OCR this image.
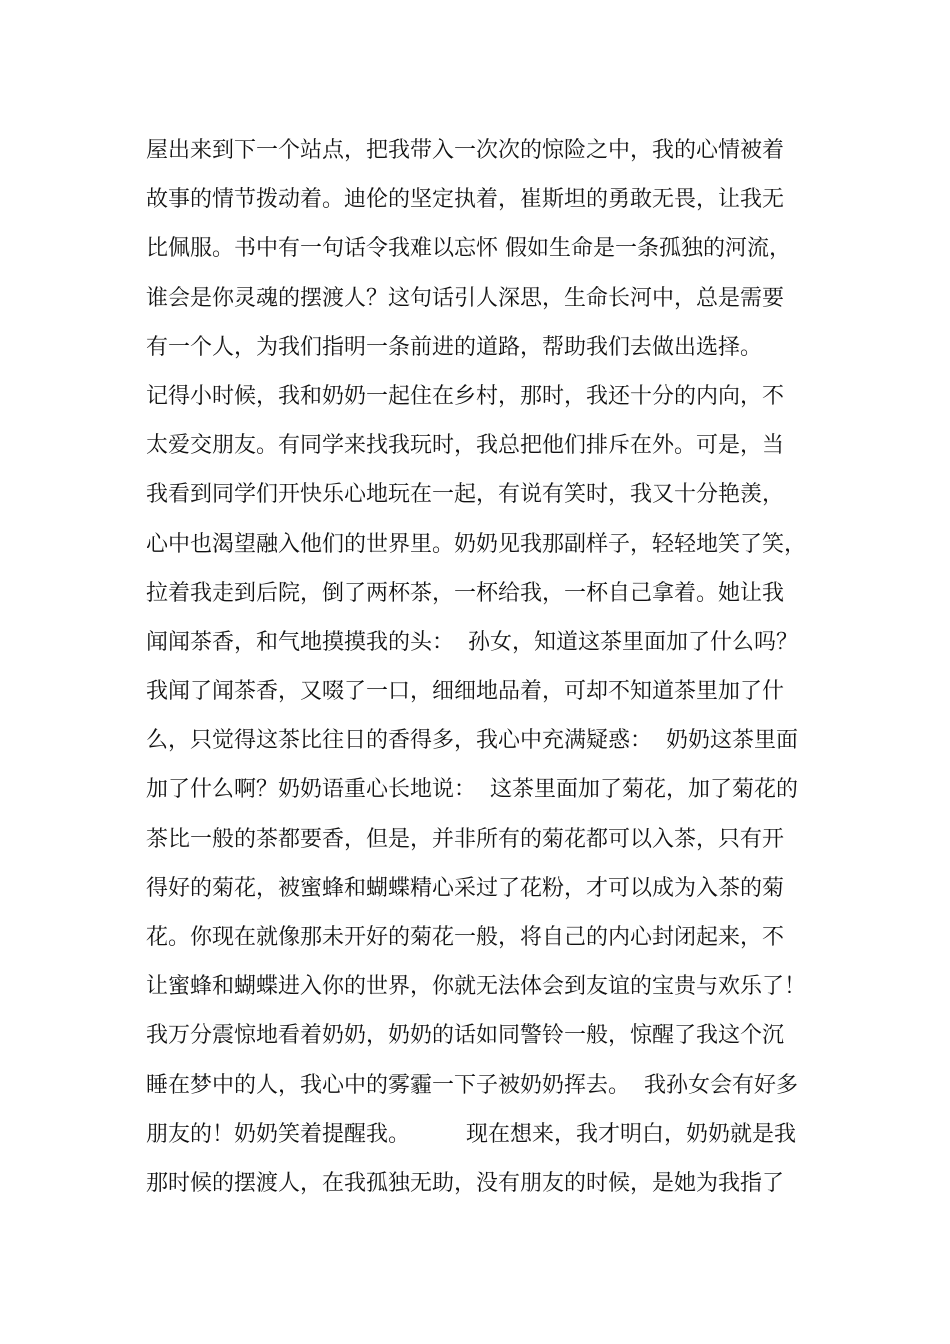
屋出来到下一个站点，把我带入一次次的惊险之中，我的心情被着
故事的情节拨动着。迪伦的坚定执着，崔斯坦的勇敢无畏，让我无
比佩服。书中有一句话令我难以忘怀 假如生命是一条孤独的河流，
谁会是你灵魂的摆渡人？这句话引人深思，生命长河中，总是需要
有一个人，为我们指明一条前进的道路，帮助我们去做出选择。
记得小时候，我和奶奶一起住在乡村，那时，我还十分的内向，不
太爱交朋友。有同学来找我玩时，我总把他们排斥在外。可是，当
我看到同学们开快乐心地玩在一起，有说有笑时，我又十分艳羡，
心中也渴望融入他们的世界里。奶奶见我那副样子，轻轻地笑了笑，
拉着我走到后院，倒了两杯茶，一杯给我，一杯自己拿着。她让我
闻闻茶香，和气地摸摸我的头：  孙女，知道这茶里面加了什么吗？
我闻了闻茶香，又啜了一口，细细地品着，可却不知道茶里加了什
么，只觉得这茶比往日的香得多，我心中充满疑惑：  奶奶这茶里面
加了什么啊？奶奶语重心长地说：  这茶里面加了菊花，加了菊花的
茶比一般的茶都要香，但是，并非所有的菊花都可以入茶，只有开
得好的菊花，被蜜蜂和蝴蝶精心采过了花粉，才可以成为入茶的菊
花。你现在就像那未开好的菊花一般，将自己的内心封闭起来，不
让蜜蜂和蝴蝶进入你的世界，你就无法体会到友谊的宝贵与欢乐了！
我万分震惊地看着奶奶，奶奶的话如同警铃一般，惊醒了我这个沉
睡在梦中的人，我心中的雾霾一下子被奶奶挥去。  我孙女会有好多
朋友的！奶奶笑着提醒我。        现在想来，我才明白，奶奶就是我
那时候的摆渡人，在我孤独无助，没有朋友的时候，是她为我指了
